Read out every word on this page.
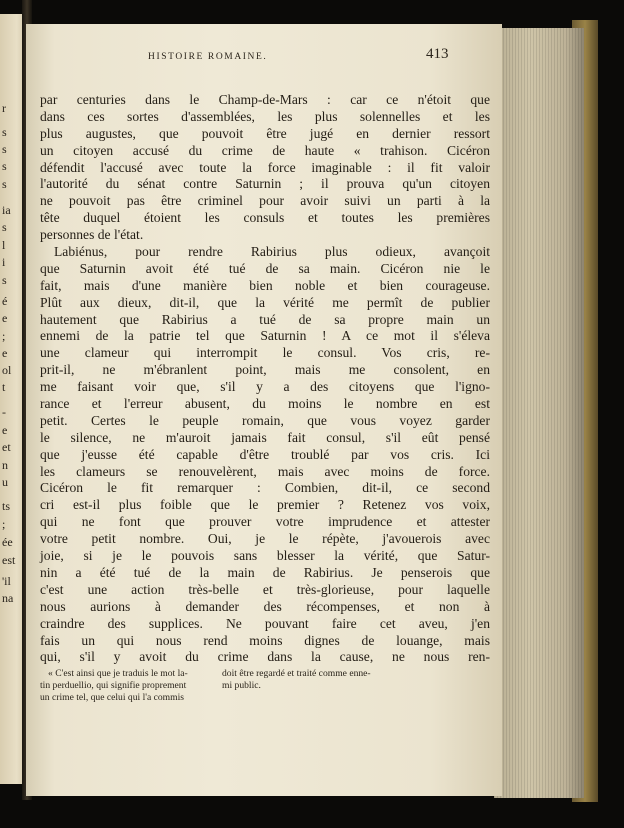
r
s
s
s
s
ia
s
l
i
s
é
e
;
e
ol
t
-
e
et
n
u
ts
;
ée
est
'il
na
HISTOIRE ROMAINE.	413
par centuries dans le Champ-de-Mars : car ce n'étoit que
dans ces sortes d'assemblées, les plus solennelles et les
plus augustes, que pouvoit être jugé en dernier ressort
un citoyen accusé du crime de haute « trahison. Cicéron
défendit l'accusé avec toute la force imaginable : il fit valoir
l'autorité du sénat contre Saturnin ; il prouva qu'un citoyen
ne pouvoit pas être criminel pour avoir suivi un parti à la
tête duquel étoient les consuls et toutes les premières
personnes de l'état.
Labiénus, pour rendre Rabirius plus odieux, avançoit
que Saturnin avoit été tué de sa main. Cicéron nie le
fait, mais d'une manière bien noble et bien courageuse.
Plût aux dieux, dit-il, que la vérité me permît de publier
hautement que Rabirius a tué de sa propre main un
ennemi de la patrie tel que Saturnin ! A ce mot il s'éleva
une clameur qui interrompit le consul. Vos cris, re-
prit-il, ne m'ébranlent point, mais me consolent, en
me faisant voir que, s'il y a des citoyens que l'igno-
rance et l'erreur abusent, du moins le nombre en est
petit. Certes le peuple romain, que vous voyez garder
le silence, ne m'auroit jamais fait consul, s'il eût pensé
que j'eusse été capable d'être troublé par vos cris. Ici
les clameurs se renouvelèrent, mais avec moins de force.
Cicéron le fit remarquer : Combien, dit-il, ce second
cri est-il plus foible que le premier ? Retenez vos voix,
qui ne font que prouver votre imprudence et attester
votre petit nombre. Oui, je le répète, j'avouerois avec
joie, si je le pouvois sans blesser la vérité, que Satur-
nin a été tué de la main de Rabirius. Je penserois que
c'est une action très-belle et très-glorieuse, pour laquelle
nous aurions à demander des récompenses, et non à
craindre des supplices. Ne pouvant faire cet aveu, j'en
fais un qui nous rend moins dignes de louange, mais
qui, s'il y avoit du crime dans la cause, ne nous ren-
« C'est ainsi que je traduis le mot la-
tin perduellio, qui signifie proprement
un crime tel, que celui qui l'a commis
doit être regardé et traité comme enne-
mi public.
